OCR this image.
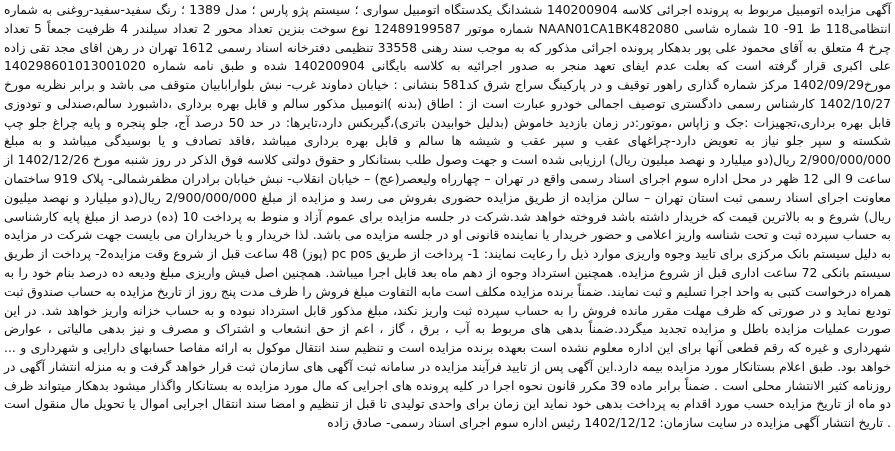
آگهی مزایده اتومبیل مربوط به پرونده اجرائی کلاسه 140200904 ششدانگ یکدستگاه اتومبیل سواری ؛ سیستم پژو پارس ؛ مدل 1389 ؛ رنگ سفید-سفید-روغنی به شماره انتظامی118 ط 91- 10 شماره شاسی NAAN01CA1BK482080 شماره موتور 12489199587 نوع سوخت بنزین تعداد محور 2 تعداد سیلندر 4 ظرفیت جمعاً 5 تعداد چرخ 4 متعلق به آقای محمود علی پور بدهکار پرونده اجرائی مذکور که به موجب سند رهنی 33558 تنظیمی دفترخانه اسناد رسمی 1612 تهران در رهن اقای مجد تقی زاده علی اکبری قرار گرفته است که بعلت عدم ایفای تعهد منجر به صدور اجرائیه به کلاسه بایگانی 140200904 شده و طبق نامه شماره 140298601013001020 مورخ1402/09/29 مرکز شماره گذاری راهور توقیف و در پارکینگ سراج شرق کد581 بنشانی : خیابان دماوند غرب- نبش بلوار‌ابابیان متوقف می باشد و برابر نظریه مورخ 1402/10/27 کارشناس رسمی دادگستری توصیف اجمالی خودرو عبارت است از : اطاق (بدنه )اتومبیل مذکور سالم و قابل بهره برداری ،داشبورد سالم،صندلی و تودوزی قابل بهره برداری،تجهیزات :جک و زاپاس ،موتور:در زمان بازدید خاموش (بدلیل خوابیدن باتری)،گیربکس دارد،تایرها: در حد 50 درصد آج، جلو پنجره و پایه چراغ جلو چپ شکسته و سپر جلو نیاز به تعویض دارد-چراغهای عقب و سپر عقب و شیشه ها سالم و قابل بهره برداری میباشد ،فاقد تصادف و یا بوسیدگی میباشد و به مبلغ 2/900/000/000 ریال(دو میلیارد و نهصد میلیون ریال) ارزیابی شده است و جهت وصول طلب بستانکار و حقوق دولتی کلاسه فوق الذکر در روز شنبه مورخ 1402/12/26 از ساعت 9 الی 12 ظهر در محل اداره سوم اجرای اسناد رسمی واقع در تهران – چهارراه ولیعصر(عج) – خیابان انقلاب- نبش خیابان برادران مظفرشمالی- پلاک 919 ساختمان معاونت اجرای اسناد رسمی ثبت استان تهران – سالن مزایده از طریق مزایده حضوری بفروش می رسد و مزایده از مبلغ 2/900/000/000 ریال(دو میلیارد و نهصد میلیون ریال) شروع و به بالاترین قیمت که خریدار داشته باشد فروخته خواهد شد.شرکت در جلسه مزایده برای عموم آزاد و منوط به پرداخت 10 (ده) درصد از مبلغ پایه کارشناسی به حساب سپرده ثبت و تحت شناسه واریز اعلامی و حضور خریدار یا نماینده قانونی او در جلسه مزایده می باشد. لذا خریدار و یا خریداران می بایست جهت شرکت در مزایده به دلیل سیستم بانک مرکزی برای تایید وجوه واریزی موارد ذیل را رعایت نمایند: 1- پرداخت از طریق pc pos (پوز) 48 ساعت قبل از شروع وقت مزایده2- پرداخت از طریق سیستم بانکی 72 ساعت اداری قبل از شروع مزایده. همچنین استرداد وجوه از دهم ماه بعد قابل اجرا میباشد. همچنین اصل فیش واریزی مبلغ ودیعه ده درصد بنام خود را به همراه درخواست کتبی به واحد اجرا تسلیم و ثبت نمایند. ضمناً برنده مزایده مکلف است مابه التفاوت مبلغ فروش را ظرف مدت پنج روز از تاریخ مزایده به حساب صندوق ثبت تودیع نماید و در صورتی که ظرف مهلت مقرر مانده فروش را به حساب سپرده ثبت واریز نکند، مبلغ مذکور قابل استرداد نبوده و به حساب خزانه واریز خواهد شد. در این صورت عملیات مزایده باطل و مزایده تجدید میگردد.ضمناً بدهی های مربوط به آب ، برق ، گاز ، اعم از حق انشعاب و اشتراک و مصرف و نیز بدهی مالیاتی ، عوارض شهرداری و غیره که رقم قطعی آنها برای این اداره معلوم نشده است بعهده برنده مزایده است و تنظیم سند انتقال موکول به ارائه مفاصا حسابهای دارایی و شهرداری و ... خواهد بود. طبق اعلام بستانکار مورد مزایده بیمه دارد.این آگهی پس از تایید فرآیند مزایده در سامانه ثبت آگهی های سازمان ثبت قرار خواهد گرفت و به منزله انتشار آگهی در روزنامه کثیر الانتشار محلی است . ضمناً برابر ماده 39 مکرر قانون نحوه اجرا در کلیه پرونده های اجرایی که مال مورد مزایده به بستانکار واگذار میشود بدهکار میتواند ظرف دو ماه از تاریخ مزایده حسب مورد اقدام به پرداخت بدهی خود نماید این زمان برای واحدی تولیدی تا قبل از تنظیم و امضا سند انتقال اجرایی اموال یا تحویل مال منقول است . تاریخ انتشار آگهی مزایده در سایت سازمان: 1402/12/12 رئیس اداره سوم اجرای اسناد رسمی- صادق زاده
